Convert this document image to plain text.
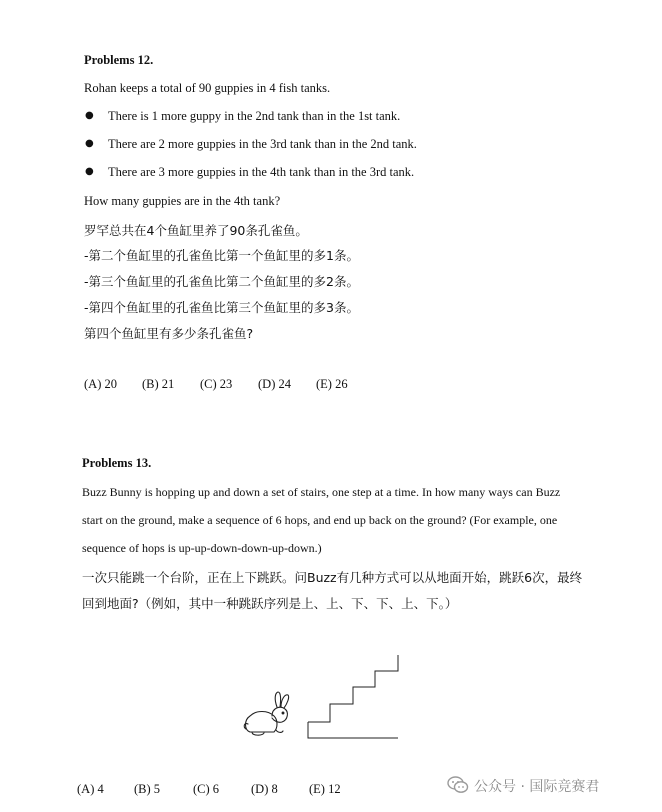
Problems 12.
Rohan keeps a total of 90 guppies in 4 fish tanks.
● There is 1 more guppy in the 2nd tank than in the 1st tank.
● There are 2 more guppies in the 3rd tank than in the 2nd tank.
● There are 3 more guppies in the 4th tank than in the 3rd tank.
How many guppies are in the 4th tank?
罗罕总共在4个鱼缸里养了90条孔雀鱼。
-第二个鱼缸里的孔雀鱼比第一个鱼缸里的多1条。
-第三个鱼缸里的孔雀鱼比第二个鱼缸里的多2条。
-第四个鱼缸里的孔雀鱼比第三个鱼缸里的多3条。
第四个鱼缸里有多少条孔雀鱼?
(A) 20 (B) 21 (C) 23 (D) 24 (E) 26
Problems 13.
Buzz Bunny is hopping up and down a set of stairs, one step at a time. In how many ways can Buzz
start on the ground, make a sequence of 6 hops, and end up back on the ground? (For example, one
sequence of hops is up-up-down-down-up-down.)
一次只能跳一个台阶，正在上下跳跃。问Buzz有几种方式可以从地面开始，跳跃6次，最终
回到地面?（例如，其中一种跳跃序列是上、上、下、下、上、下。）
(A) 4 (B) 5	(C) 6	(D) 8	(E) 12	公众号 · 国际竞赛君
